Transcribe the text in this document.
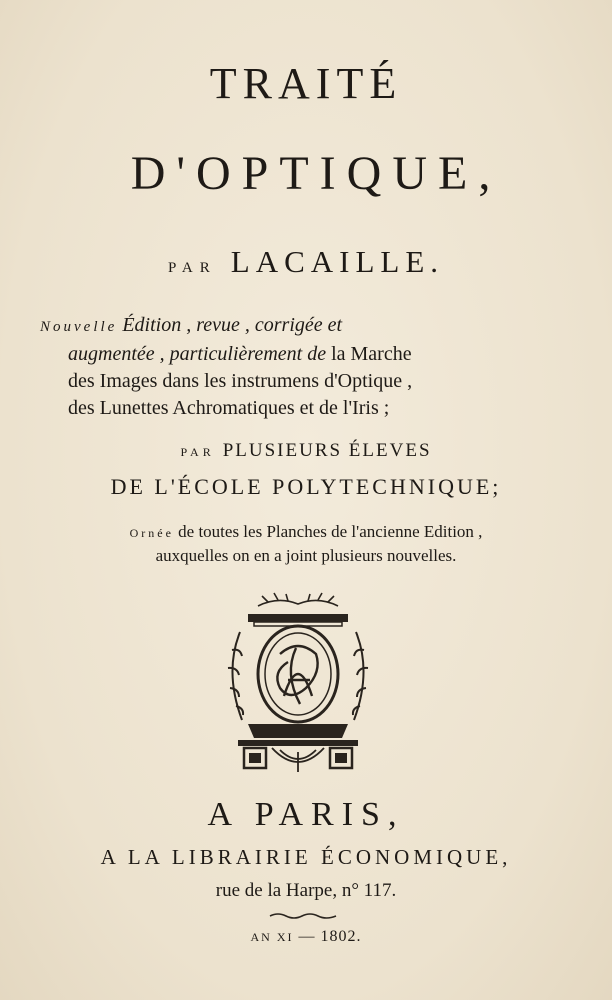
TRAITÉ
D'OPTIQUE,
PAR LACAILLE.

Nouvelle Édition , revue , corrigée et

augmentée , particulièrement de la Marche

des Images dans les instrumens d'Optique ,

des Lunettes Achromatiques et de l'Iris ;

PAR PLUSIEURS ÉLEVES
DE L'ÉCOLE POLYTECHNIQUE;
Ornée de toutes les Planches de l'ancienne Edition ,
auxquelles on en a joint plusieurs nouvelles.
A PARIS,
A LA LIBRAIRIE ÉCONOMIQUE,
rue de la Harpe, n° 117.
AN XI — 1802.
